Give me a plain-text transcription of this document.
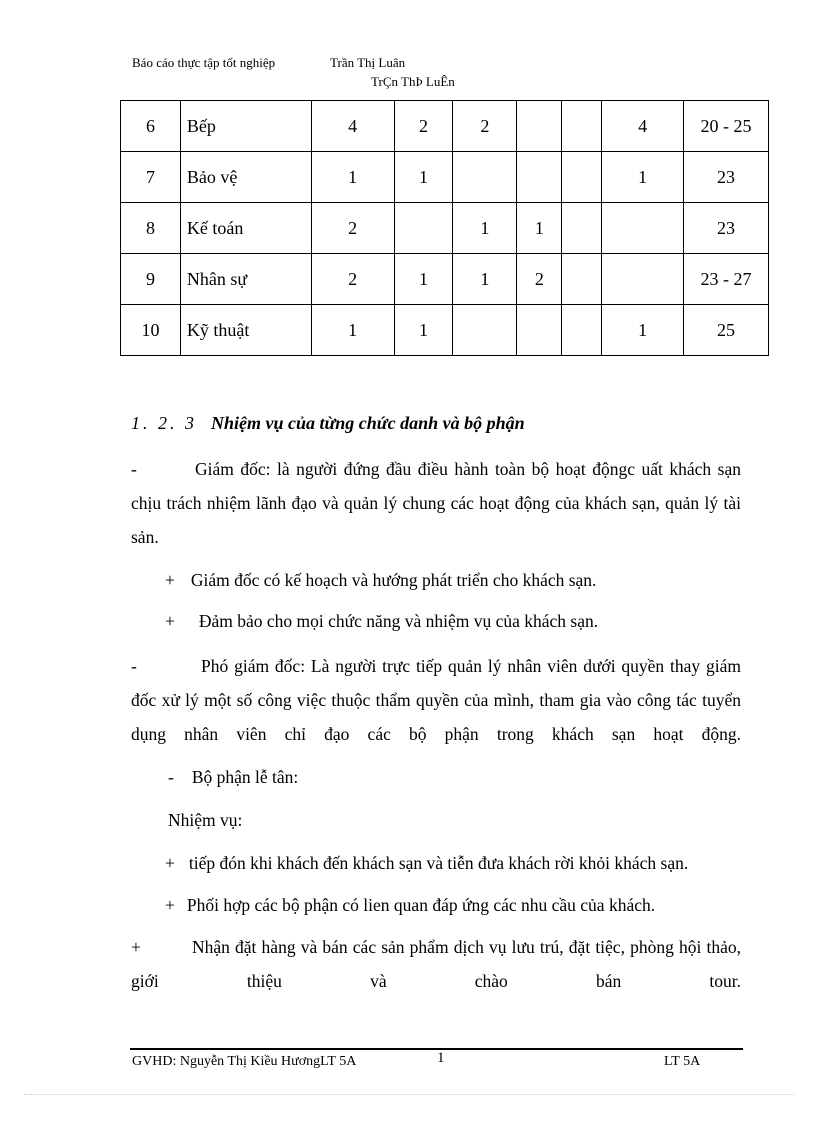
Báo cáo thực tập tốt nghiệp	Trần Thị Luân
TrÇn ThÞ LuÊn
6	Bếp	4	2	2			4	20 - 25
7	Bảo vệ	1	1				1	23
8	Kế toán	2		1	1			23
9	Nhân sự	2	1	1	2			23 - 27
10	Kỹ thuật	1	1				1	25
1. 2. 3 Nhiệm vụ của từng chức danh và bộ phận

-	Giám đốc: là người đứng đầu điều hành toàn bộ hoạt độngc uất khách sạn chịu trách nhiệm lãnh đạo và quản lý chung các hoạt động của khách sạn, quản lý tài sản.

+ Giám đốc có kế hoạch và hướng phát triển cho khách sạn.

+ Đảm bảo cho mọi chức năng và nhiệm vụ của khách sạn.

-	Phó giám đốc: Là người trực tiếp quản lý nhân viên dưới quyền thay giám đốc xử lý một số công việc thuộc thẩm quyền của mình, tham gia vào công tác tuyển dụng nhân viên chỉ đạo các bộ phận trong khách sạn hoạt động.

- Bộ phận lễ tân:

Nhiệm vụ:

+ tiếp đón khi khách đến khách sạn và tiễn đưa khách rời khỏi khách sạn.

+ Phối hợp các bộ phận có lien quan đáp ứng các nhu cầu của khách.

+	Nhận đặt hàng và bán các sản phẩm dịch vụ lưu trú, đặt tiệc, phòng hội thảo, giới thiệu và chào bán tour.

GVHD: Nguyễn Thị Kiều HươngLT 5A	1	LT 5A
